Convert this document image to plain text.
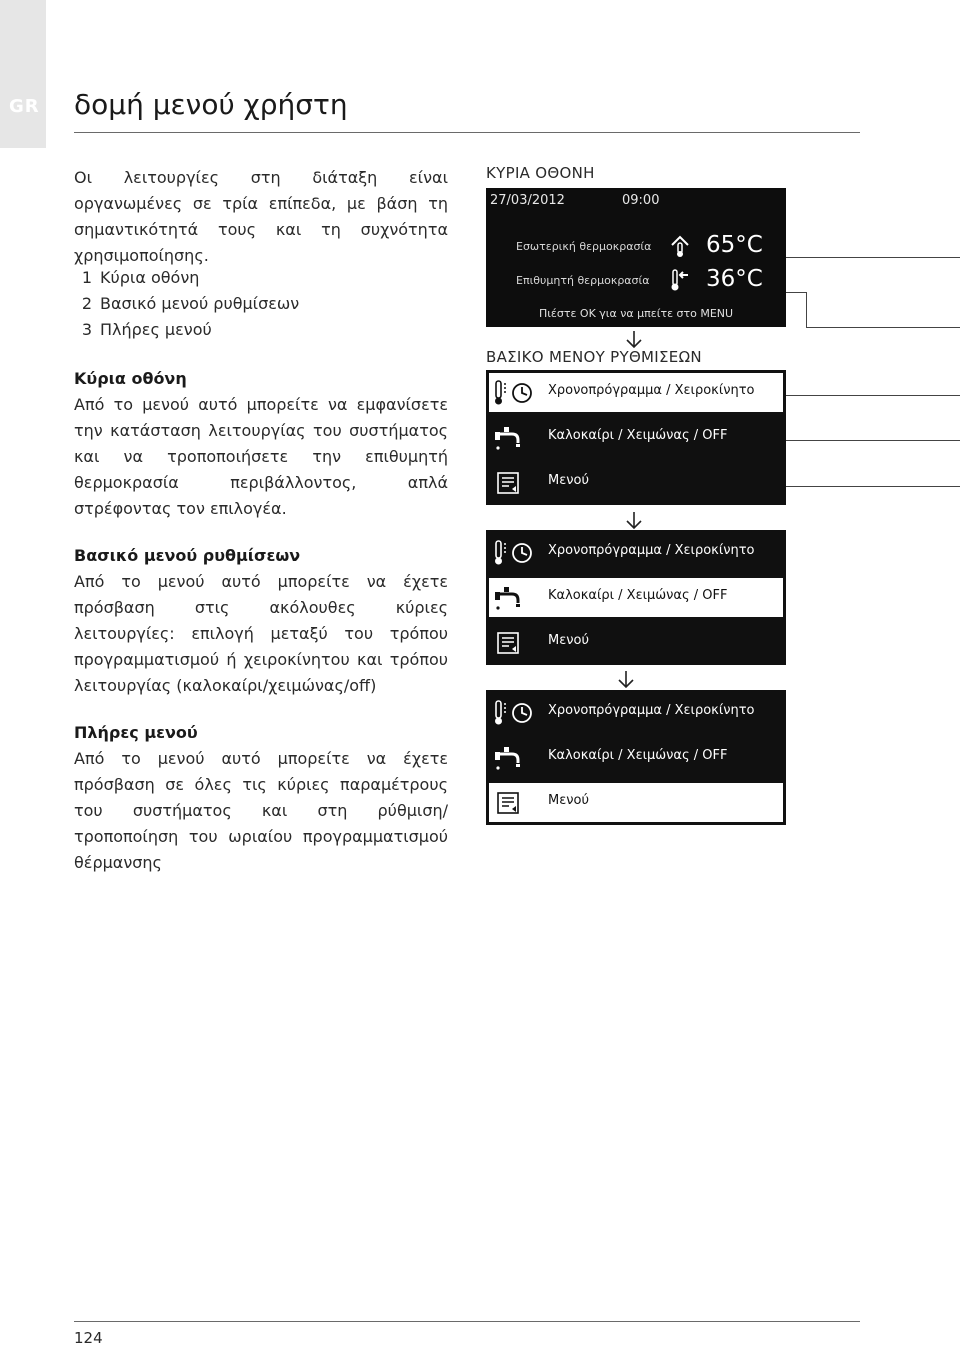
GR δομή μενού χρήστη
Οι λειτουργίες στη διάταξη είναι οργανωμένες σε τρία επίπεδα, με βάση τη σημαντικότητά τους και τη συχνότητα χρησιμοποίησης.
1 Κύρια οθόνη
2 Βασικό μενού ρυθμίσεων
3 Πλήρες μενού
Κύρια οθόνη

Από το μενού αυτό μπορείτε να εμφανίσετε την κατάσταση λειτουργίας του συστήματος και να τροποποιήσετε την επιθυμητή θερμοκρασία περιβάλλοντος, απλά στρέφοντας τον επιλογέα.

Βασικό μενού ρυθμίσεων

Από το μενού αυτό μπορείτε να έχετε πρόσβαση στις ακόλουθες κύριες λειτουργίες: επιλογή μεταξύ του τρόπου προγραμματισμού ή χειροκίνητου και τρόπου λειτουργίας (καλοκαίρι/χειμώνας/off)

Πλήρες μενού

Από το μενού αυτό μπορείτε να έχετε πρόσβαση σε όλες τις κύριες παραμέτρους του συστήματος και στη ρύθμιση/τροποποίηση του ωριαίου προγραμματισμού θέρμανσης

ΚΥΡΙΑ ΟΘΟΝΗ
27/03/2012	09:00
Εσωτερική θερμοκρασία 65°C
Επιθυμητή θερμοκρασία 36°C
Πιέστε OK για να μπείτε στο MENU
ΒΑΣΙΚΟ ΜΕΝΟΥ ΡΥΘΜΙΣΕΩΝ
Χρονοπρόγραμμα / Χειροκίνητο
Καλοκαίρι / Χειμώνας / OFF
Μενού
Χρονοπρόγραμμα / Χειροκίνητο
Καλοκαίρι / Χειμώνας / OFF
Μενού
Χρονοπρόγραμμα / Χειροκίνητο
Καλοκαίρι / Χειμώνας / OFF
Μενού
124
